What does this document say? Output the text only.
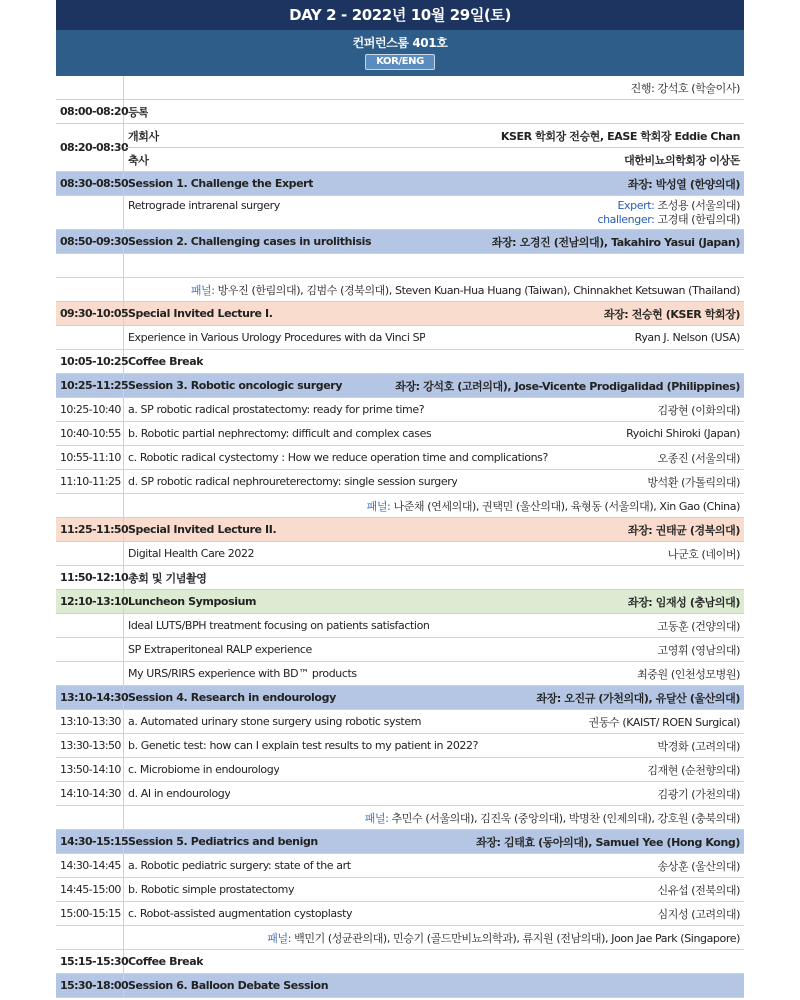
DAY 2 - 2022년 10월 29일(토)
컨퍼런스룸 401호
KOR/ENG
진행: 강석호 (학술이사)
08:00-08:20 등록
08:20-08:30
개회사	KSER 학회장 전승현, EASE 학회장 Eddie Chan
축사	대한비뇨의학회장 이상돈
08:30-08:50 Session 1. Challenge the Expert	좌장: 박성열 (한양의대)
Retrograde intrarenal surgery	Expert: 조성용 (서울의대)
challenger: 고경태 (한림의대)
08:50-09:30 Session 2. Challenging cases in urolithisis	좌장: 오경진 (전남의대), Takahiro Yasui (Japan)
패널: 방우진 (한림의대), 김범수 (경북의대), Steven Kuan-Hua Huang (Taiwan), Chinnakhet Ketsuwan (Thailand)
09:30-10:05 Special Invited Lecture I.	좌장: 전승현 (KSER 학회장)
Experience in Various Urology Procedures with da Vinci SP	Ryan J. Nelson (USA)
10:05-10:25 Coffee Break
10:25-11:25 Session 3. Robotic oncologic surgery	좌장: 강석호 (고려의대), Jose-Vicente Prodigalidad (Philippines)
10:25-10:40 a. SP robotic radical prostatectomy: ready for prime time?	김광현 (이화의대)
10:40-10:55 b. Robotic partial nephrectomy: difficult and complex cases	Ryoichi Shiroki (Japan)
10:55-11:10 c. Robotic radical cystectomy : How we reduce operation time and complications?	오종진 (서울의대)
11:10-11:25 d. SP robotic radical nephroureterectomy: single session surgery	방석환 (가톨릭의대)
패널: 나준채 (연세의대), 권택민 (울산의대), 육형동 (서울의대), Xin Gao (China)
11:25-11:50 Special Invited Lecture II.	좌장: 권태균 (경북의대)
Digital Health Care 2022	나군호 (네이버)
11:50-12:10 총회 및 기념촬영
12:10-13:10 Luncheon Symposium	좌장: 임재성 (충남의대)
Ideal LUTS/BPH treatment focusing on patients satisfaction	고동훈 (건양의대)
SP Extraperitoneal RALP experience	고영휘 (영남의대)
My URS/RIRS experience with BD™ products	최중원 (인천성모병원)
13:10-14:30 Session 4. Research in endourology	좌장: 오진규 (가천의대), 유달산 (울산의대)
13:10-13:30 a. Automated urinary stone surgery using robotic system	권동수 (KAIST/ ROEN Surgical)
13:30-13:50 b. Genetic test: how can I explain test results to my patient in 2022?	박경화 (고려의대)
13:50-14:10 c. Microbiome in endourology	김재현 (순천향의대)
14:10-14:30 d. AI in endourology	김광기 (가천의대)
패널: 추민수 (서울의대), 김진욱 (중앙의대), 박명찬 (인제의대), 강호원 (충북의대)
14:30-15:15 Session 5. Pediatrics and benign	좌장: 김태효 (동아의대), Samuel Yee (Hong Kong)
14:30-14:45 a. Robotic pediatric surgery: state of the art	송상훈 (울산의대)
14:45-15:00 b. Robotic simple prostatectomy	신유섭 (전북의대)
15:00-15:15 c. Robot-assisted augmentation cystoplasty	심지성 (고려의대)
패널: 백민기 (성균관의대), 민승기 (골드만비뇨의학과), 류지원 (전남의대), Joon Jae Park (Singapore)
15:15-15:30 Coffee Break
15:30-18:00 Session 6. Balloon Debate Session
